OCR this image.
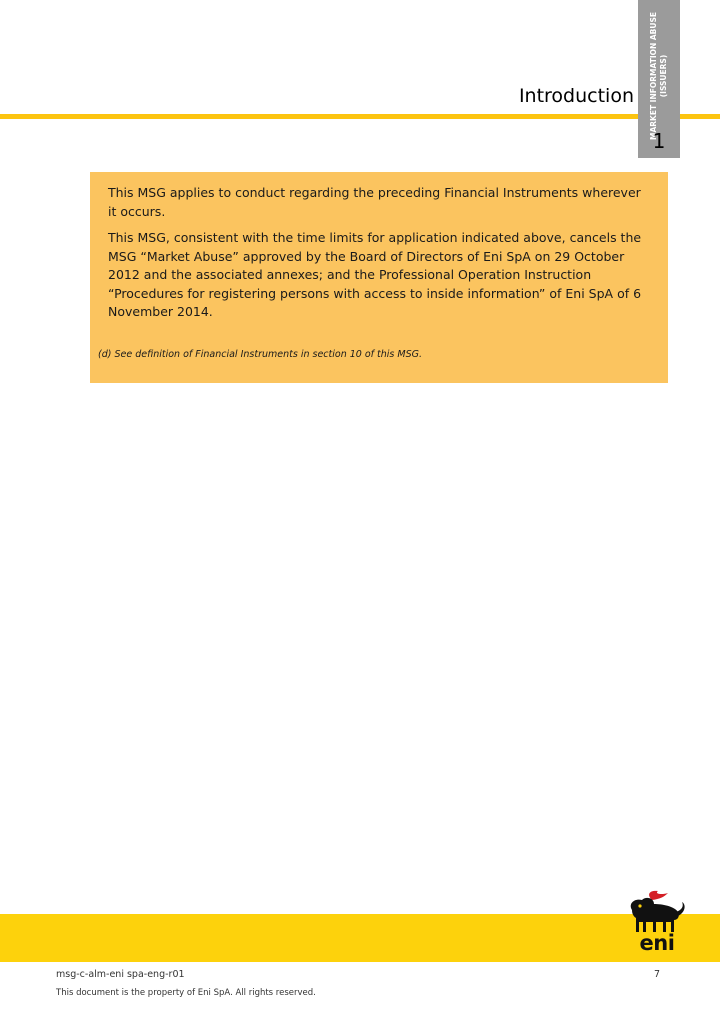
MARKET INFORMATION ABUSE
(ISSUERS)
1
Introduction

This MSG applies to conduct regarding the preceding Financial Instruments wherever it occurs.

This MSG, consistent with the time limits for application indicated above, cancels the MSG “Market Abuse” approved by the Board of Directors of Eni SpA on 29 October 2012 and the associated annexes; and the Professional Operation Instruction “Procedures for registering persons with access to inside information” of Eni SpA of 6 November 2014.

(d) See definition of Financial Instruments in section 10 of this MSG.

eni
msg-c-alm-eni spa-eng-r01	7
This document is the property of Eni SpA. All rights reserved.
